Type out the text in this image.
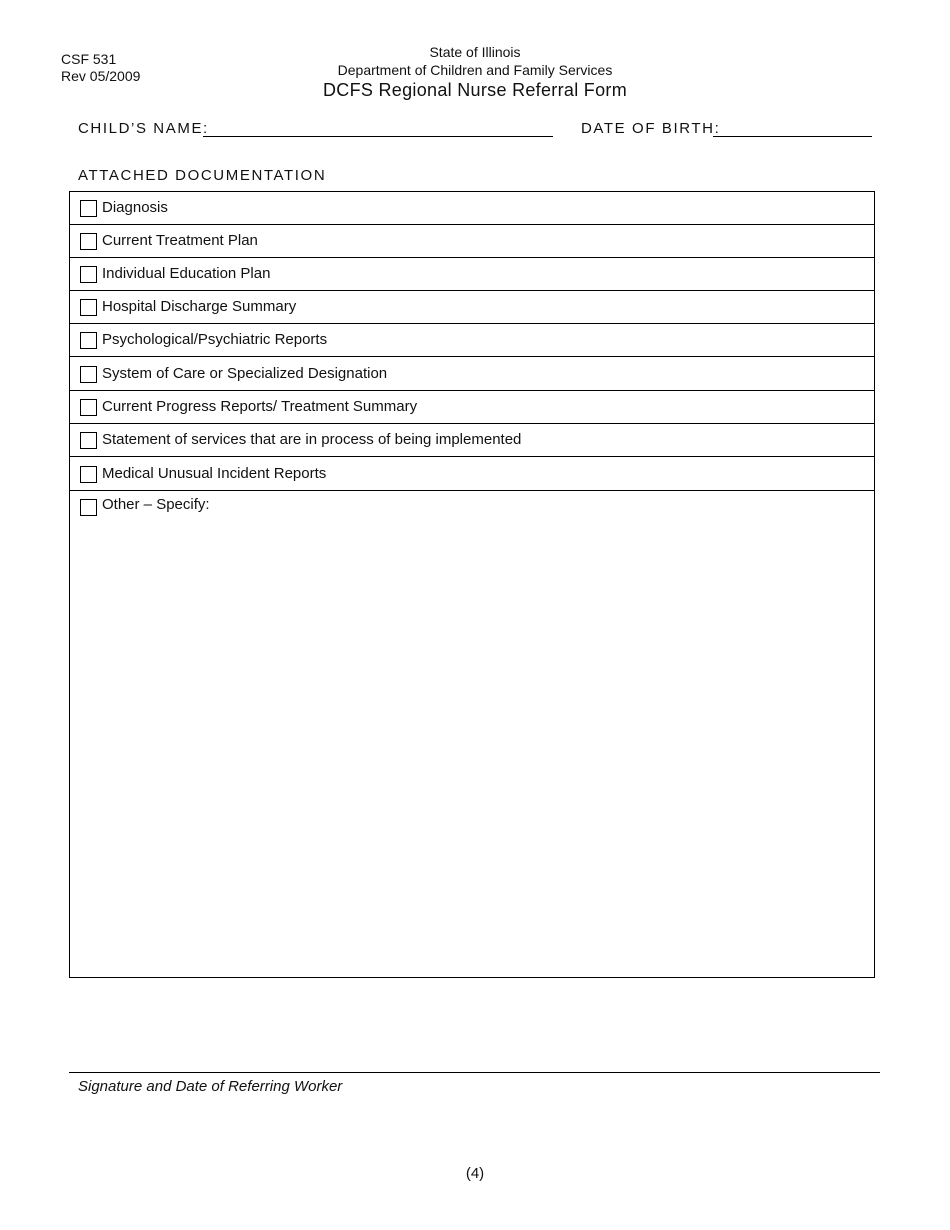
CSF 531
Rev 05/2009
State of Illinois
Department of Children and Family Services
DCFS Regional Nurse Referral Form
CHILD’S NAME:	DATE OF BIRTH:
ATTACHED DOCUMENTATION
Diagnosis
Current Treatment Plan
Individual Education Plan
Hospital Discharge Summary
Psychological/Psychiatric Reports
System of Care or Specialized Designation
Current Progress Reports/ Treatment Summary
Statement of services that are in process of being implemented
Medical Unusual Incident Reports
Other – Specify:
Signature and Date of Referring Worker
(4)
